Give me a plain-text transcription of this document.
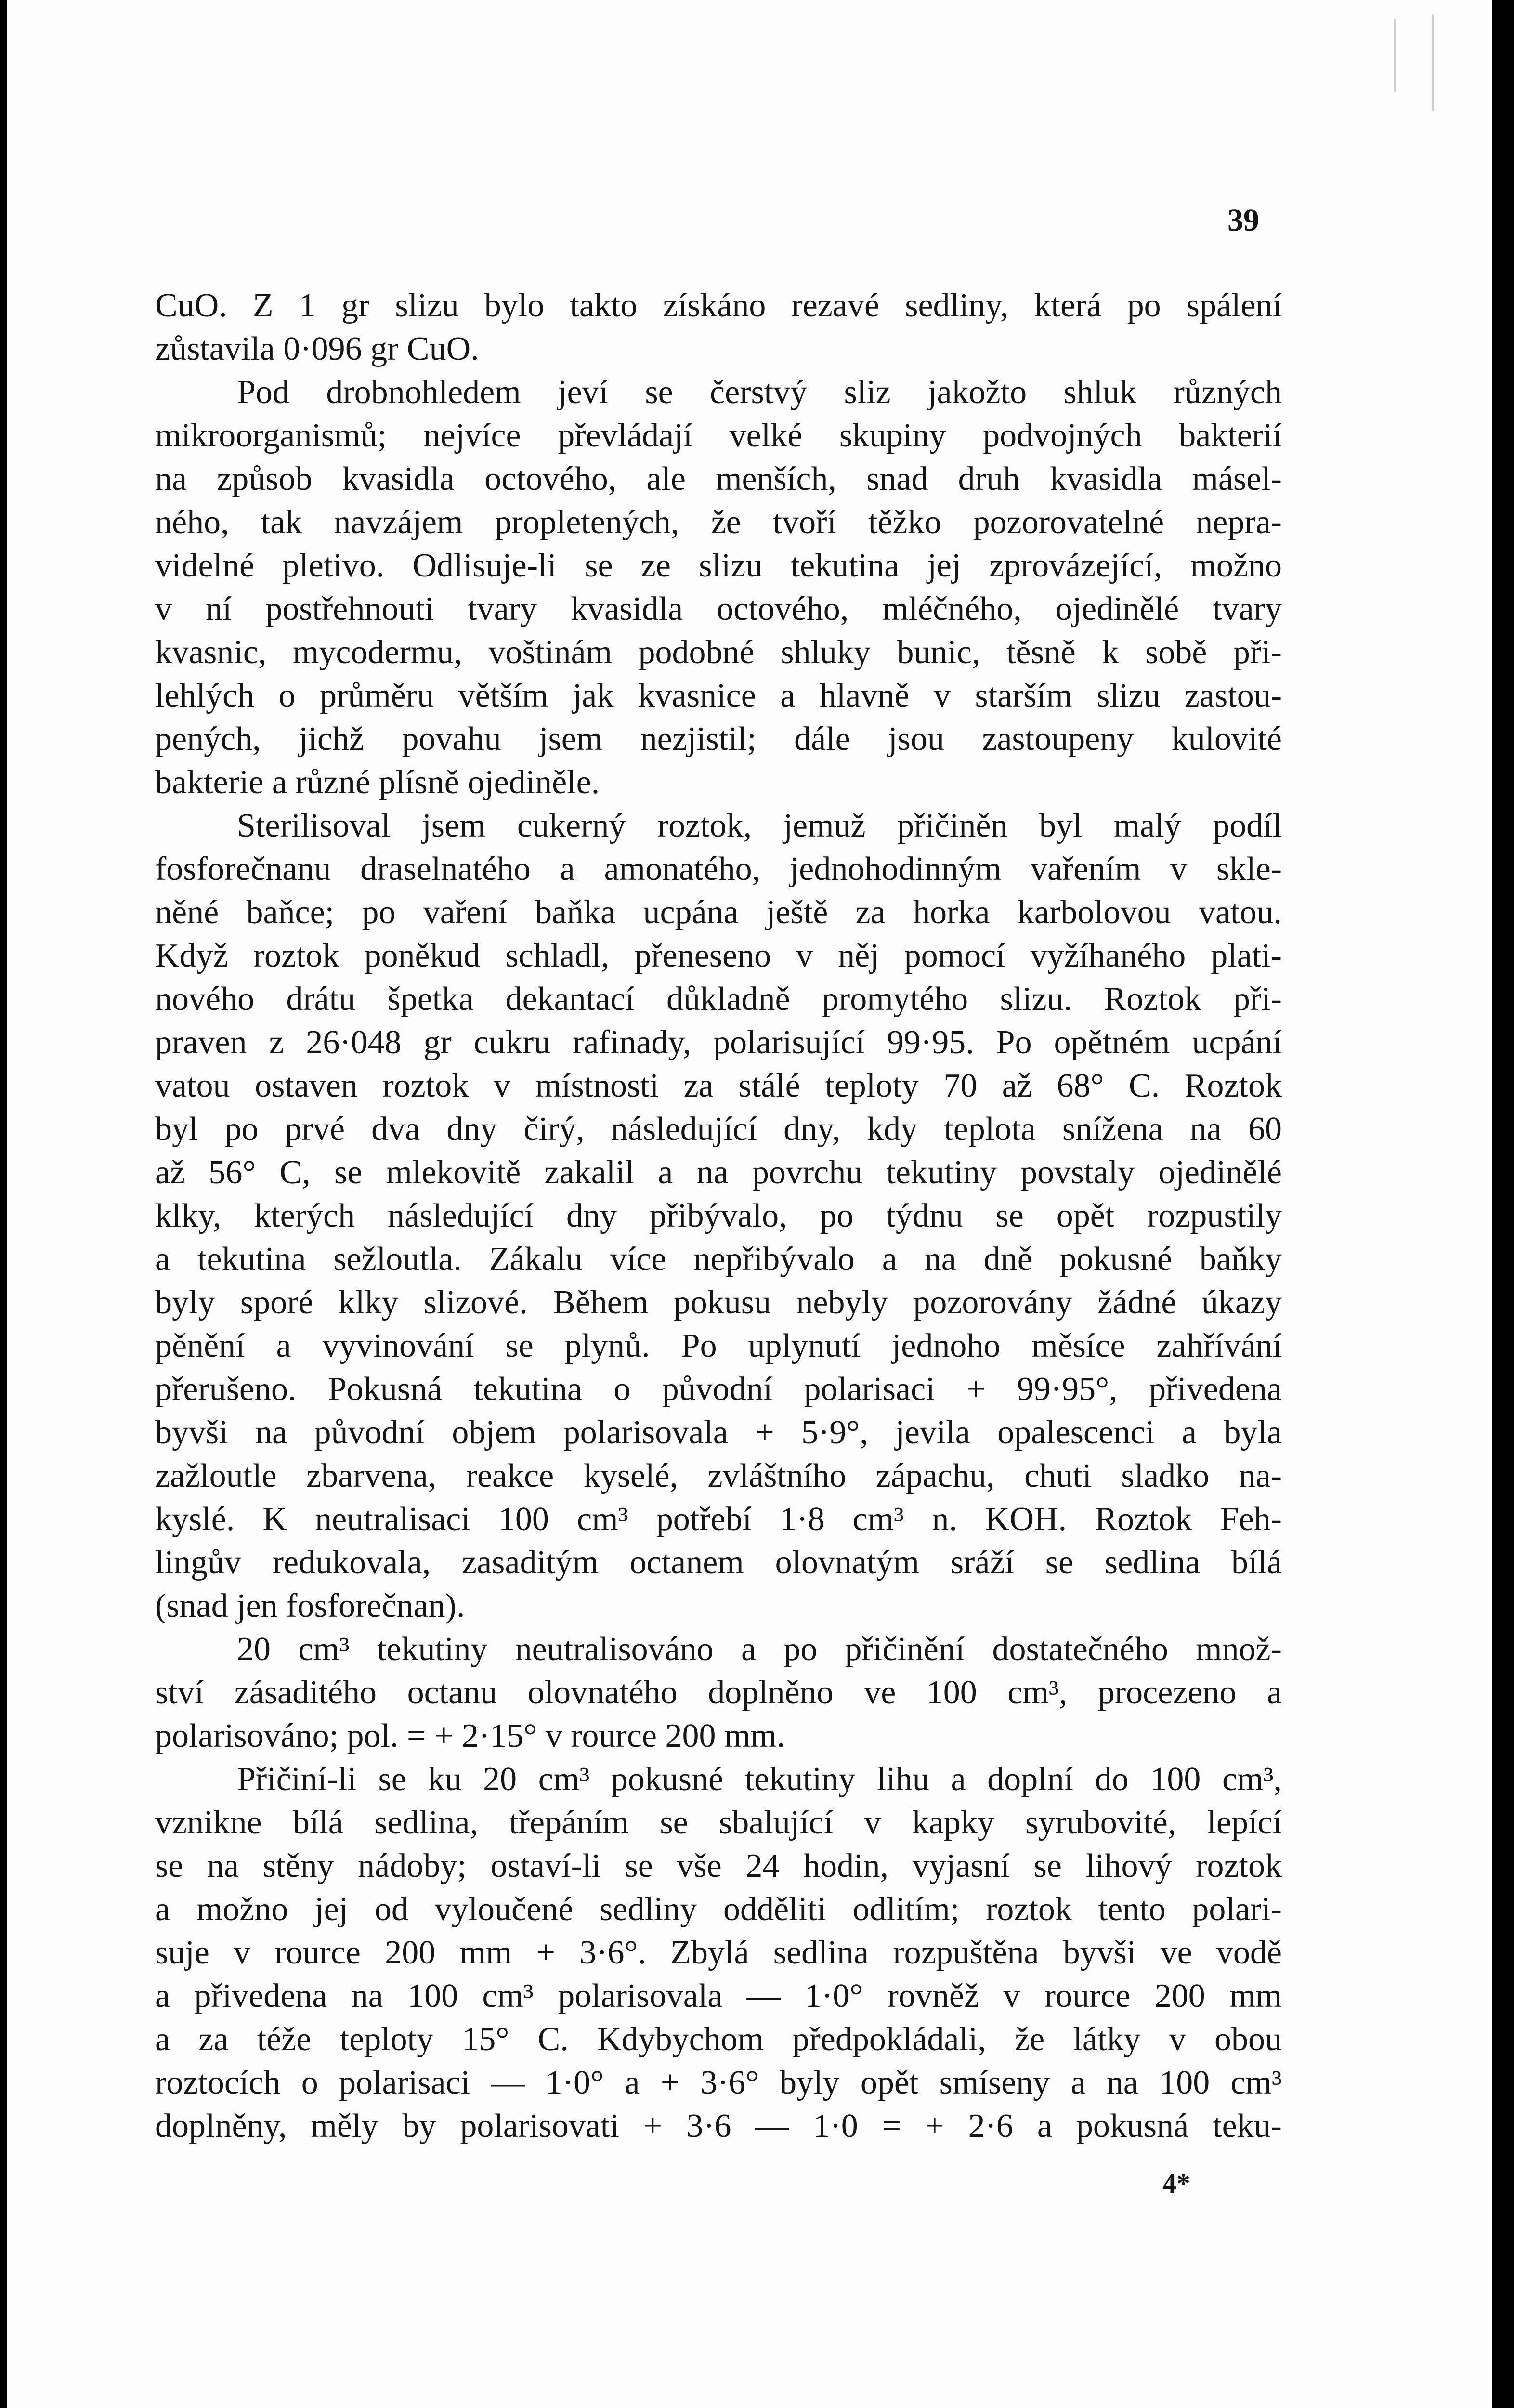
39
CuO. Z 1 gr slizu bylo takto získáno rezavé sedliny, která po spálení
zůstavila 0·096 gr CuO.
Pod drobnohledem jeví se čerstvý sliz jakožto shluk různých
mikroorganismů; nejvíce převládají velké skupiny podvojných bakterií
na způsob kvasidla octového, ale menších, snad druh kvasidla másel-
ného, tak navzájem propletených, že tvoří těžko pozorovatelné nepra-
videlné pletivo. Odlisuje-li se ze slizu tekutina jej zprovázející, možno
v ní postřehnouti tvary kvasidla octového, mléčného, ojedinělé tvary
kvasnic, mycodermu, voštinám podobné shluky bunic, těsně k sobě při-
lehlých o průměru větším jak kvasnice a hlavně v starším slizu zastou-
pených, jichž povahu jsem nezjistil; dále jsou zastoupeny kulovité
bakterie a různé plísně ojediněle.
Sterilisoval jsem cukerný roztok, jemuž přičiněn byl malý podíl
fosforečnanu draselnatého a amonatého, jednohodinným vařením v skle-
něné baňce; po vaření baňka ucpána ještě za horka karbolovou vatou.
Když roztok poněkud schladl, přeneseno v něj pomocí vyžíhaného plati-
nového drátu špetka dekantací důkladně promytého slizu. Roztok při-
praven z 26·048 gr cukru rafinady, polarisující 99·95. Po opětném ucpání
vatou ostaven roztok v místnosti za stálé teploty 70 až 68° C. Roztok
byl po prvé dva dny čirý, následující dny, kdy teplota snížena na 60
až 56° C, se mlekovitě zakalil a na povrchu tekutiny povstaly ojedinělé
klky, kterých následující dny přibývalo, po týdnu se opět rozpustily
a tekutina sežloutla. Zákalu více nepřibývalo a na dně pokusné baňky
byly sporé klky slizové. Během pokusu nebyly pozorovány žádné úkazy
pěnění a vyvinování se plynů. Po uplynutí jednoho měsíce zahřívání
přerušeno. Pokusná tekutina o původní polarisaci + 99·95°, přivedena
byvši na původní objem polarisovala + 5·9°, jevila opalescenci a byla
zažloutle zbarvena, reakce kyselé, zvláštního zápachu, chuti sladko na-
kyslé. K neutralisaci 100 cm³ potřebí 1·8 cm³ n. KOH. Roztok Feh-
lingův redukovala, zasaditým octanem olovnatým sráží se sedlina bílá
(snad jen fosforečnan).
20 cm³ tekutiny neutralisováno a po přičinění dostatečného množ-
ství zásaditého octanu olovnatého doplněno ve 100 cm³, procezeno a
polarisováno; pol. = + 2·15° v rource 200 mm.
Přičiní-li se ku 20 cm³ pokusné tekutiny lihu a doplní do 100 cm³,
vznikne bílá sedlina, třepáním se sbalující v kapky syrubovité, lepící
se na stěny nádoby; ostaví-li se vše 24 hodin, vyjasní se lihový roztok
a možno jej od vyloučené sedliny odděliti odlitím; roztok tento polari-
suje v rource 200 mm + 3·6°. Zbylá sedlina rozpuštěna byvši ve vodě
a přivedena na 100 cm³ polarisovala — 1·0° rovněž v rource 200 mm
a za téže teploty 15° C. Kdybychom předpokládali, že látky v obou
roztocích o polarisaci — 1·0° a + 3·6° byly opět smíseny a na 100 cm³
doplněny, měly by polarisovati + 3·6 — 1·0 = + 2·6 a pokusná teku-
4*
